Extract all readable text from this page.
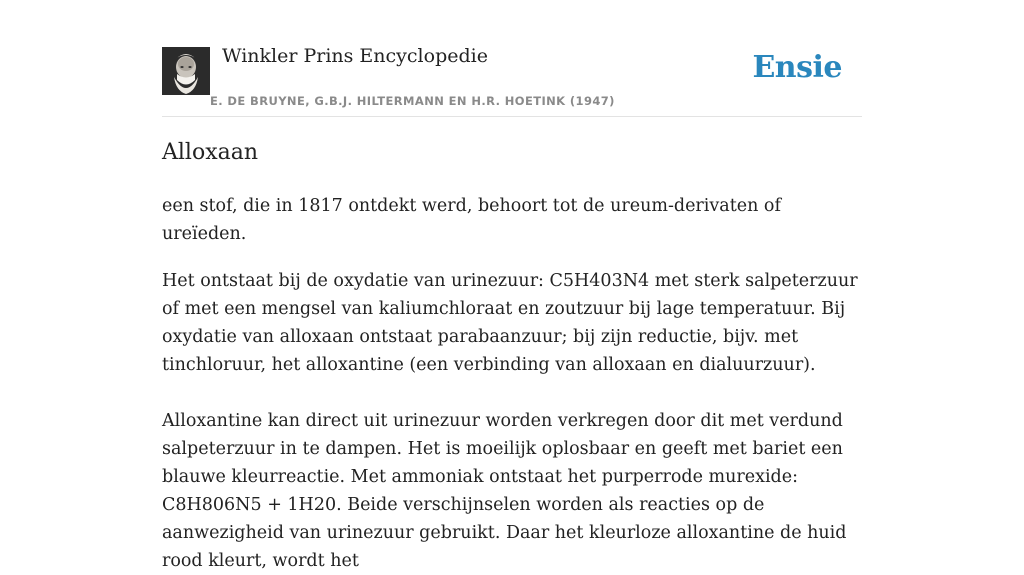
Winkler Prins Encyclopedie
E. DE BRUYNE, G.B.J. HILTERMANN EN H.R. HOETINK (1947)
Ensie
Alloxaan

een stof, die in 1817 ontdekt werd, behoort tot de ureum-derivaten of ureïeden.

Het ontstaat bij de oxydatie van urinezuur: C5H403N4 met sterk salpeterzuur of met een mengsel van kaliumchloraat en zoutzuur bij lage temperatuur. Bij oxydatie van alloxaan ontstaat parabaanzuur; bij zijn reductie, bijv. met tinchloruur, het alloxantine (een verbinding van alloxaan en dialuurzuur).

Alloxantine kan direct uit urinezuur worden verkregen door dit met verdund salpeterzuur in te dampen. Het is moeilijk oplosbaar en geeft met bariet een blauwe kleurreactie. Met ammoniak ontstaat het purperrode murexide: C8H806N5 + 1H20. Beide verschijnselen worden als reacties op de aanwezigheid van urinezuur gebruikt. Daar het kleurloze alloxantine de huid rood kleurt, wordt het
